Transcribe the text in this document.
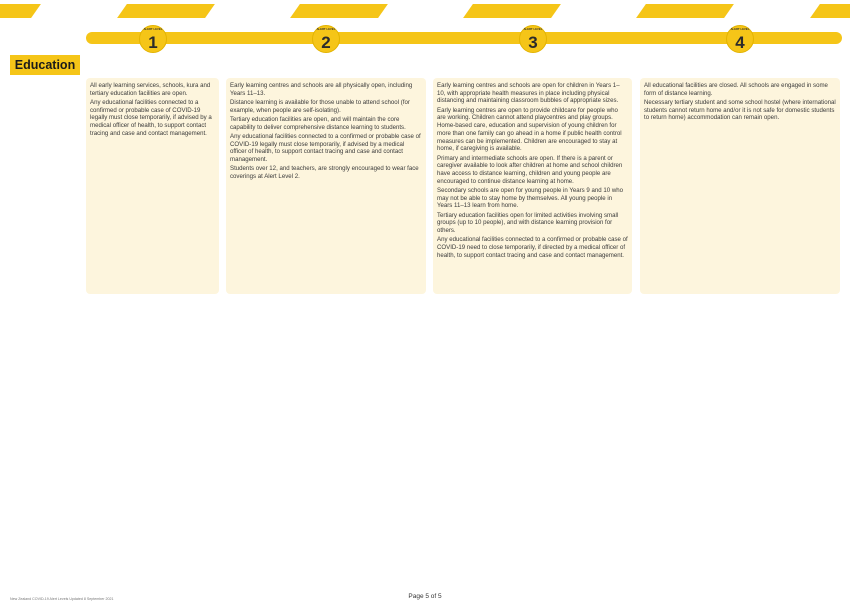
ALERT LEVEL
1
ALERT LEVEL
2
ALERT LEVEL
3
ALERT LEVEL
4
Education

All early learning services, schools, kura and tertiary education facilities are open.

Any educational facilities connected to a confirmed or probable case of COVID-19 legally must close temporarily, if advised by a medical officer of health, to support contact tracing and case and contact management.

Early learning centres and schools are all physically open, including Years 11–13.

Distance learning is available for those unable to attend school (for example, when people are self-isolating).

Tertiary education facilities are open, and will maintain the core capability to deliver comprehensive distance learning to students.

Any educational facilities connected to a confirmed or probable case of COVID-19 legally must close temporarily, if advised by a medical officer of health, to support contact tracing and case and contact management.

Students over 12, and teachers, are strongly encouraged to wear face coverings at Alert Level 2.

Early learning centres and schools are open for children in Years 1–10, with appropriate health measures in place including physical distancing and maintaining classroom bubbles of appropriate sizes.

Early learning centres are open to provide childcare for people who are working. Children cannot attend playcentres and play groups. Home-based care, education and supervision of young children for more than one family can go ahead in a home if public health control measures can be implemented. Children are encouraged to stay at home, if caregiving is available.

Primary and intermediate schools are open. If there is a parent or caregiver available to look after children at home and school children have access to distance learning, children and young people are encouraged to continue distance learning at home.

Secondary schools are open for young people in Years 9 and 10 who may not be able to stay home by themselves. All young people in Years 11–13 learn from home.

Tertiary education facilities open for limited activities involving small groups (up to 10 people), and with distance learning provision for others.

Any educational facilities connected to a confirmed or probable case of COVID-19 need to close temporarily, if directed by a medical officer of health, to support contact tracing and case and contact management.

All educational facilities are closed. All schools are engaged in some form of distance learning.

Necessary tertiary student and some school hostel (where international students cannot return home and/or it is not safe for domestic students to return home) accommodation can remain open.

New Zealand COVID-19 Alert Levels Updated 8 September 2021	Page 5 of 5
